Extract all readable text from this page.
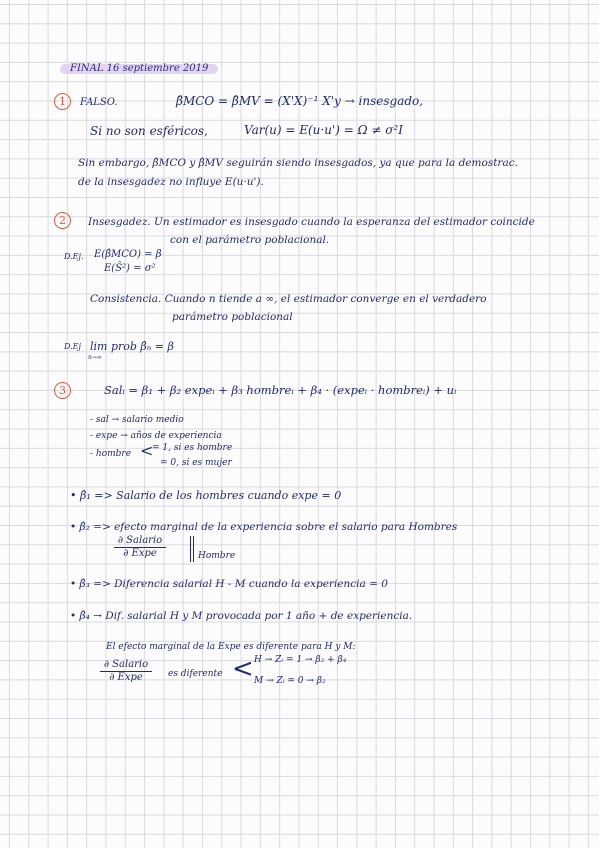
FINAL 16 septiembre 2019
1	FALSO.	β̂MCO = β̂MV = (X'X)⁻¹ X'y → insesgado,
Si no son esféricos,	Var(u) = E(u·u') = Ω ≠ σ²I
Sin embargo, β̂MCO y β̂MV seguirán siendo insesgados, ya que para la demostrac.
de la insesgadez no influye E(u·u').
2	Insesgadez. Un estimador es insesgado cuando la esperanza del estimador coincide
con el parámetro poblacional.
D.Ej. E(β̂MCO) = β
E(Ŝ²) = σ²
Consistencia. Cuando n tiende a ∞, el estimador converge en el verdadero
parámetro poblacional
D.Ej lim prob β̂ₙ = β
n→∞
3	Salᵢ = β₁ + β₂ expeᵢ + β₃ hombreᵢ + β₄ · (expeᵢ · hombreᵢ) + uᵢ
- sal → salario medio
- expe → años de experiencia
- hombre <
= 1, si es hombre
= 0, si es mujer
• β̂₁ => Salario de los hombres cuando expe = 0
• β̂₂ => efecto marginal de la experiencia sobre el salario para Hombres
∂ Salario
∂ Expe	Hombre
• β̂₃ => Diferencia salarial H - M cuando la experiencia = 0
• β̂₄ → Dif. salarial H y M provocada por 1 año + de experiencia.
El efecto marginal de la Expe es diferente para H y M:
∂ Salario
∂ Expe	es diferente < H → Zᵢ = 1 → β₂ + β₄
M → Zᵢ = 0 → β₂
